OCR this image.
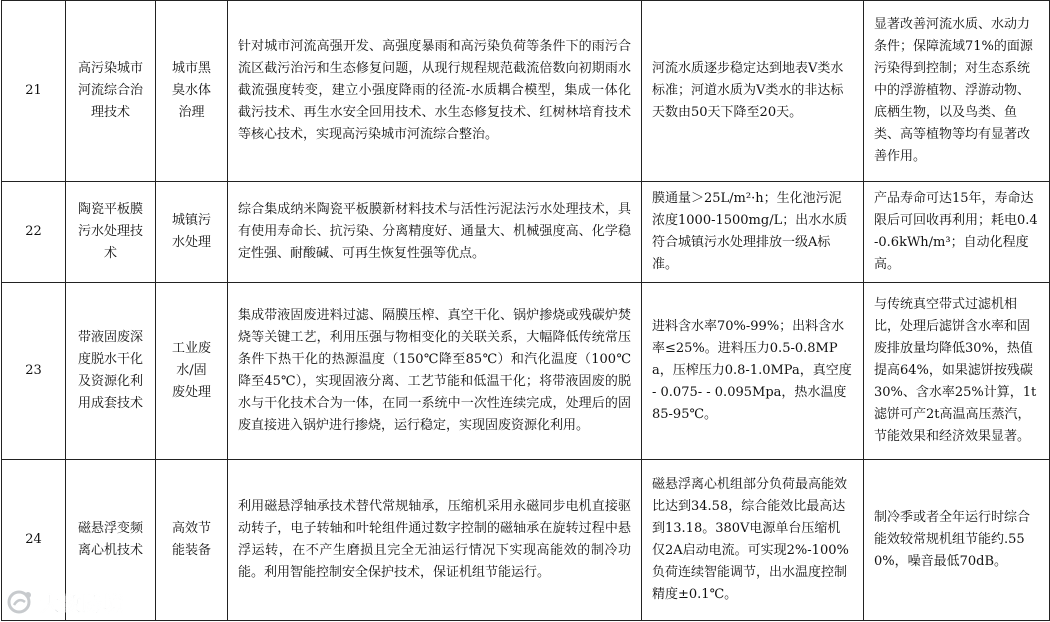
21	高污染城市河流综合治理技术	城市黑臭水体治理	针对城市河流高强开发、高强度暴雨和高污染负荷等条件下的雨污合流区截污治污和生态修复问题，从现行规程规范截流倍数向初期雨水截流强度转变，建立小强度降雨的径流-水质耦合模型，集成一体化截污技术、再生水安全回用技术、水生态修复技术、红树林培育技术等核心技术，实现高污染城市河流综合整治。	河流水质逐步稳定达到地表Ⅴ类水标准；河道水质为Ⅴ类水的非达标天数由50天下降至20天。	显著改善河流水质、水动力条件；保障流域71%的面源污染得到控制；对生态系统中的浮游植物、浮游动物、底栖生物，以及鸟类、鱼类、高等植物等均有显著改善作用。
22	陶瓷平板膜污水处理技术	城镇污水处理	综合集成纳米陶瓷平板膜新材料技术与活性污泥法污水处理技术，具有使用寿命长、抗污染、分离精度好、通量大、机械强度高、化学稳定性强、耐酸碱、可再生恢复性强等优点。	膜通量＞25L/m²·h；生化池污泥浓度1000-1500mg/L；出水水质符合城镇污水处理排放一级A标准。	产品寿命可达15年，寿命达限后可回收再利用；耗电0.4-0.6kWh/m³；自动化程度高。
23	带液固废深度脱水干化及资源化利用成套技术	工业废水/固废处理	集成带液固废进料过滤、隔膜压榨、真空干化、锅炉掺烧或残碳炉焚烧等关键工艺，利用压强与物相变化的关联关系，大幅降低传统常压条件下热干化的热源温度（150℃降至85℃）和汽化温度（100℃降至45℃），实现固液分离、工艺节能和低温干化；将带液固废的脱水与干化技术合为一体，在同一系统中一次性连续完成，处理后的固废直接进入锅炉进行掺烧，运行稳定，实现固废资源化利用。	进料含水率70%-99%；出料含水率≤25%。进料压力0.5-0.8MPa，压榨压力0.8-1.0MPa，真空度 - 0.075- - 0.095Mpa，热水温度85-95℃。	与传统真空带式过滤机相比，处理后滤饼含水率和固废排放量均降低30%，热值提高64%，如果滤饼按残碳30%、含水率25%计算，1t滤饼可产2t高温高压蒸汽，节能效果和经济效果显著。
24	磁悬浮变频离心机技术	高效节能装备	利用磁悬浮轴承技术替代常规轴承，压缩机采用永磁同步电机直接驱动转子，电子转轴和叶轮组件通过数字控制的磁轴承在旋转过程中悬浮运转，在不产生磨损且完全无油运行情况下实现高能效的制冷功能。利用智能控制安全保护技术，保证机组节能运行。	磁悬浮离心机组部分负荷最高能效比达到34.58，综合能效比最高达到13.18。380V电源单台压缩机仅2A启动电流。可实现2%-100%负荷连续智能调节，出水温度控制精度±0.1℃。	制冷季或者全年运行时综合能效较常规机组节能约.550%，噪音最低70dB。
大数跨境
